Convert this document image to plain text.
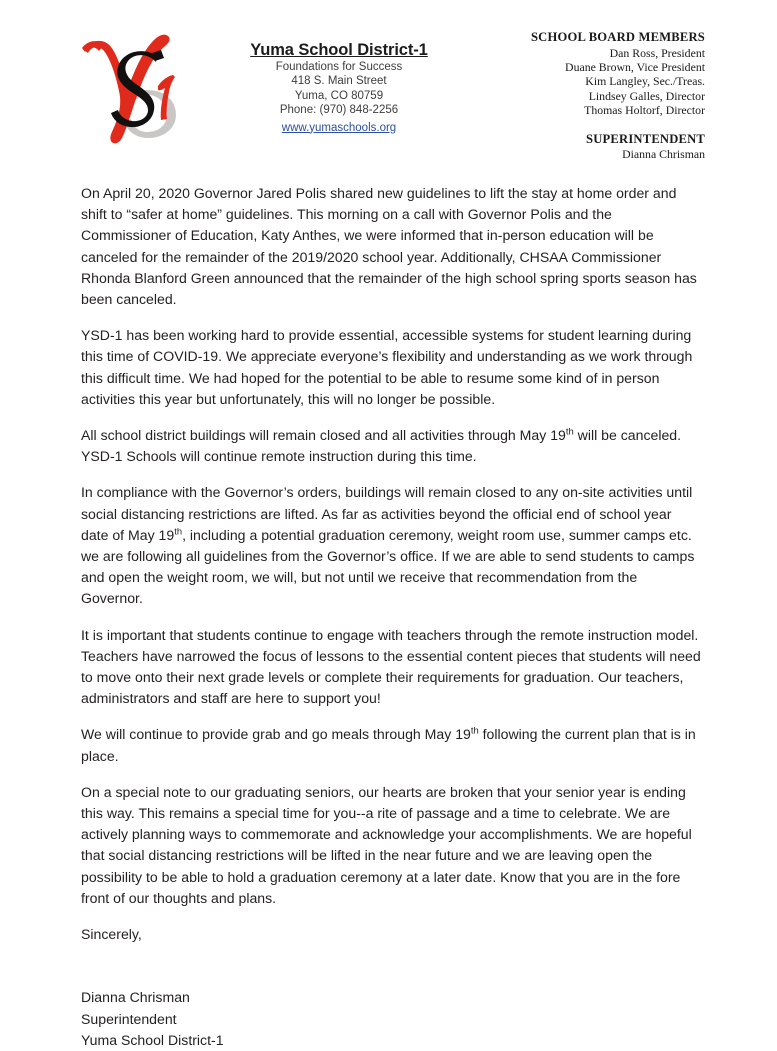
Yuma School District-1
Foundations for Success
418 S. Main Street
Yuma, CO 80759
Phone: (970) 848-2256
www.yumaschools.org
SCHOOL BOARD MEMBERS
Dan Ross, President
Duane Brown, Vice President
Kim Langley, Sec./Treas.
Lindsey Galles, Director
Thomas Holtorf, Director
SUPERINTENDENT
Dianna Chrisman
On April 20, 2020 Governor Jared Polis shared new guidelines to lift the stay at home order and shift to “safer at home” guidelines. This morning on a call with Governor Polis and the Commissioner of Education, Katy Anthes, we were informed that in-person education will be canceled for the remainder of the 2019/2020 school year. Additionally, CHSAA Commissioner Rhonda Blanford Green announced that the remainder of the high school spring sports season has been canceled.
YSD-1 has been working hard to provide essential, accessible systems for student learning during this time of COVID-19. We appreciate everyone’s flexibility and understanding as we work through this difficult time. We had hoped for the potential to be able to resume some kind of in person activities this year but unfortunately, this will no longer be possible.
All school district buildings will remain closed and all activities through May 19th will be canceled. YSD-1 Schools will continue remote instruction during this time.
In compliance with the Governor’s orders, buildings will remain closed to any on-site activities until social distancing restrictions are lifted. As far as activities beyond the official end of school year date of May 19th, including a potential graduation ceremony, weight room use, summer camps etc. we are following all guidelines from the Governor’s office. If we are able to send students to camps and open the weight room, we will, but not until we receive that recommendation from the Governor.
It is important that students continue to engage with teachers through the remote instruction model. Teachers have narrowed the focus of lessons to the essential content pieces that students will need to move onto their next grade levels or complete their requirements for graduation. Our teachers, administrators and staff are here to support you!
We will continue to provide grab and go meals through May 19th following the current plan that is in place.
On a special note to our graduating seniors, our hearts are broken that your senior year is ending this way. This remains a special time for you--a rite of passage and a time to celebrate. We are actively planning ways to commemorate and acknowledge your accomplishments. We are hopeful that social distancing restrictions will be lifted in the near future and we are leaving open the possibility to be able to hold a graduation ceremony at a later date. Know that you are in the fore front of our thoughts and plans.
Sincerely,
Dianna Chrisman
Superintendent
Yuma School District-1
